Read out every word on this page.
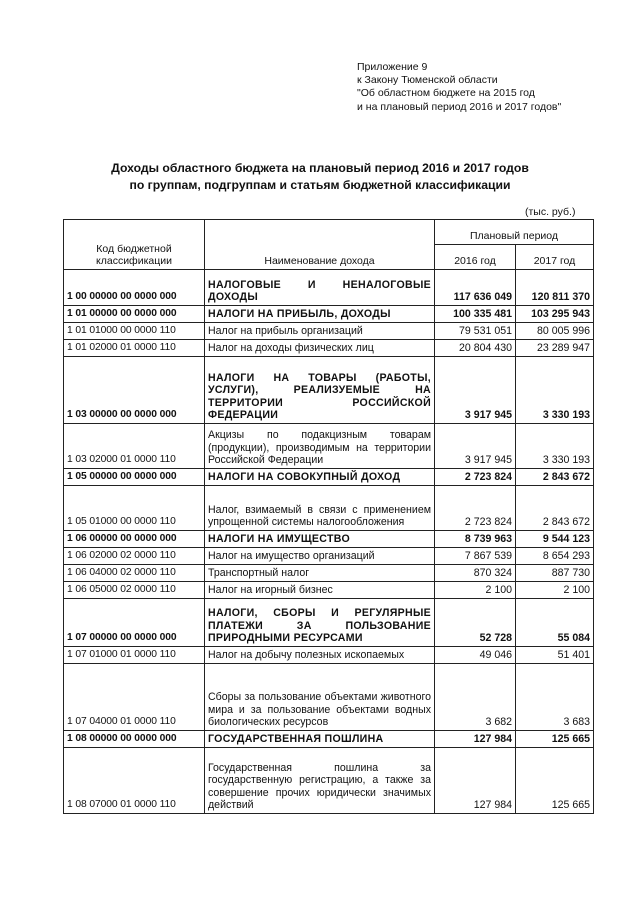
Приложение 9
к Закону Тюменской области
"Об областном бюджете на 2015 год
и на плановый период 2016 и 2017 годов"
Доходы областного бюджета на плановый период 2016 и 2017 годов
по группам, подгруппам и статьям бюджетной классификации
(тыс. руб.)
Код бюджетной классификации	Наименование дохода	Плановый период	
		2016 год	2017 год
1 00 00000 00 0000 000	НАЛОГОВЫЕ И НЕНАЛОГОВЫЕ ДОХОДЫ	117 636 049	120 811 370
1 01 00000 00 0000 000	НАЛОГИ НА ПРИБЫЛЬ, ДОХОДЫ	100 335 481	103 295 943
1 01 01000 00 0000 110	Налог на прибыль организаций	79 531 051	80 005 996
1 01 02000 01 0000 110	Налог на доходы физических лиц	20 804 430	23 289 947
1 03 00000 00 0000 000	НАЛОГИ НА ТОВАРЫ (РАБОТЫ, УСЛУГИ), РЕАЛИЗУЕМЫЕ НА ТЕРРИТОРИИ РОССИЙСКОЙ ФЕДЕРАЦИИ	3 917 945	3 330 193
1 03 02000 01 0000 110	Акцизы по подакцизным товарам (продукции), производимым на территории Российской Федерации	3 917 945	3 330 193
1 05 00000 00 0000 000	НАЛОГИ НА СОВОКУПНЫЙ ДОХОД	2 723 824	2 843 672
1 05 01000 00 0000 110	Налог, взимаемый в связи с применением упрощенной системы налогообложения	2 723 824	2 843 672
1 06 00000 00 0000 000	НАЛОГИ НА ИМУЩЕСТВО	8 739 963	9 544 123
1 06 02000 02 0000 110	Налог на имущество организаций	7 867 539	8 654 293
1 06 04000 02 0000 110	Транспортный налог	870 324	887 730
1 06 05000 02 0000 110	Налог на игорный бизнес	2 100	2 100
1 07 00000 00 0000 000	НАЛОГИ, СБОРЫ И РЕГУЛЯРНЫЕ ПЛАТЕЖИ ЗА ПОЛЬЗОВАНИЕ ПРИРОДНЫМИ РЕСУРСАМИ	52 728	55 084
1 07 01000 01 0000 110	Налог на добычу полезных ископаемых	49 046	51 401
1 07 04000 01 0000 110	Сборы за пользование объектами животного мира и за пользование объектами водных биологических ресурсов	3 682	3 683
1 08 00000 00 0000 000	ГОСУДАРСТВЕННАЯ ПОШЛИНА	127 984	125 665
1 08 07000 01 0000 110	Государственная пошлина за государственную регистрацию, а также за совершение прочих юридически значимых действий	127 984	125 665
